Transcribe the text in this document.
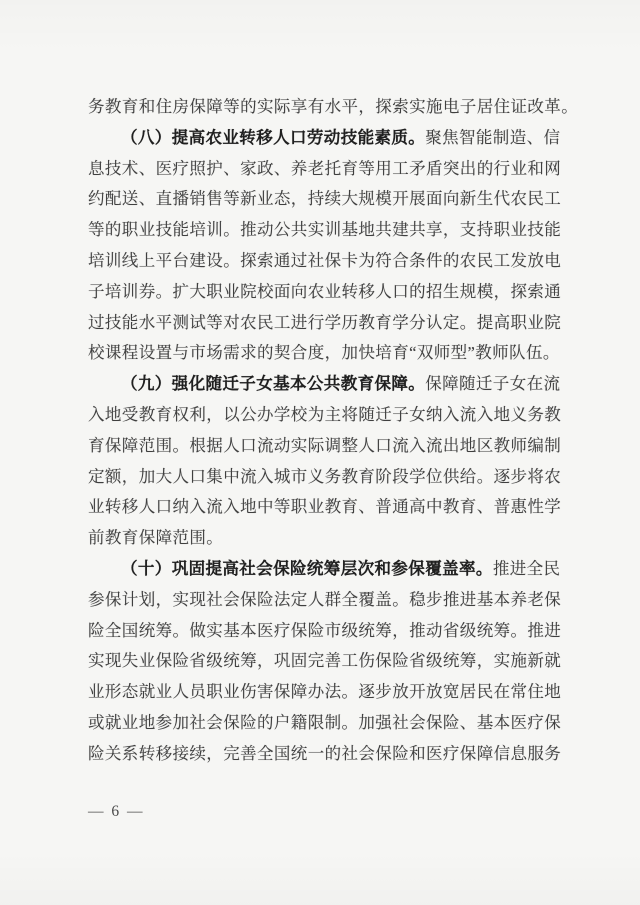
务教育和住房保障等的实际享有水平，探索实施电子居住证改革。
（八）提高农业转移人口劳动技能素质。聚焦智能制造、信
息技术、医疗照护、家政、养老托育等用工矛盾突出的行业和网
约配送、直播销售等新业态，持续大规模开展面向新生代农民工
等的职业技能培训。推动公共实训基地共建共享，支持职业技能
培训线上平台建设。探索通过社保卡为符合条件的农民工发放电
子培训券。扩大职业院校面向农业转移人口的招生规模，探索通
过技能水平测试等对农民工进行学历教育学分认定。提高职业院
校课程设置与市场需求的契合度，加快培育“双师型”教师队伍。
（九）强化随迁子女基本公共教育保障。保障随迁子女在流
入地受教育权利，以公办学校为主将随迁子女纳入流入地义务教
育保障范围。根据人口流动实际调整人口流入流出地区教师编制
定额，加大人口集中流入城市义务教育阶段学位供给。逐步将农
业转移人口纳入流入地中等职业教育、普通高中教育、普惠性学
前教育保障范围。
（十）巩固提高社会保险统筹层次和参保覆盖率。推进全民
参保计划，实现社会保险法定人群全覆盖。稳步推进基本养老保
险全国统筹。做实基本医疗保险市级统筹，推动省级统筹。推进
实现失业保险省级统筹，巩固完善工伤保险省级统筹，实施新就
业形态就业人员职业伤害保障办法。逐步放开放宽居民在常住地
或就业地参加社会保险的户籍限制。加强社会保险、基本医疗保
险关系转移接续，完善全国统一的社会保险和医疗保障信息服务
— 6 —
